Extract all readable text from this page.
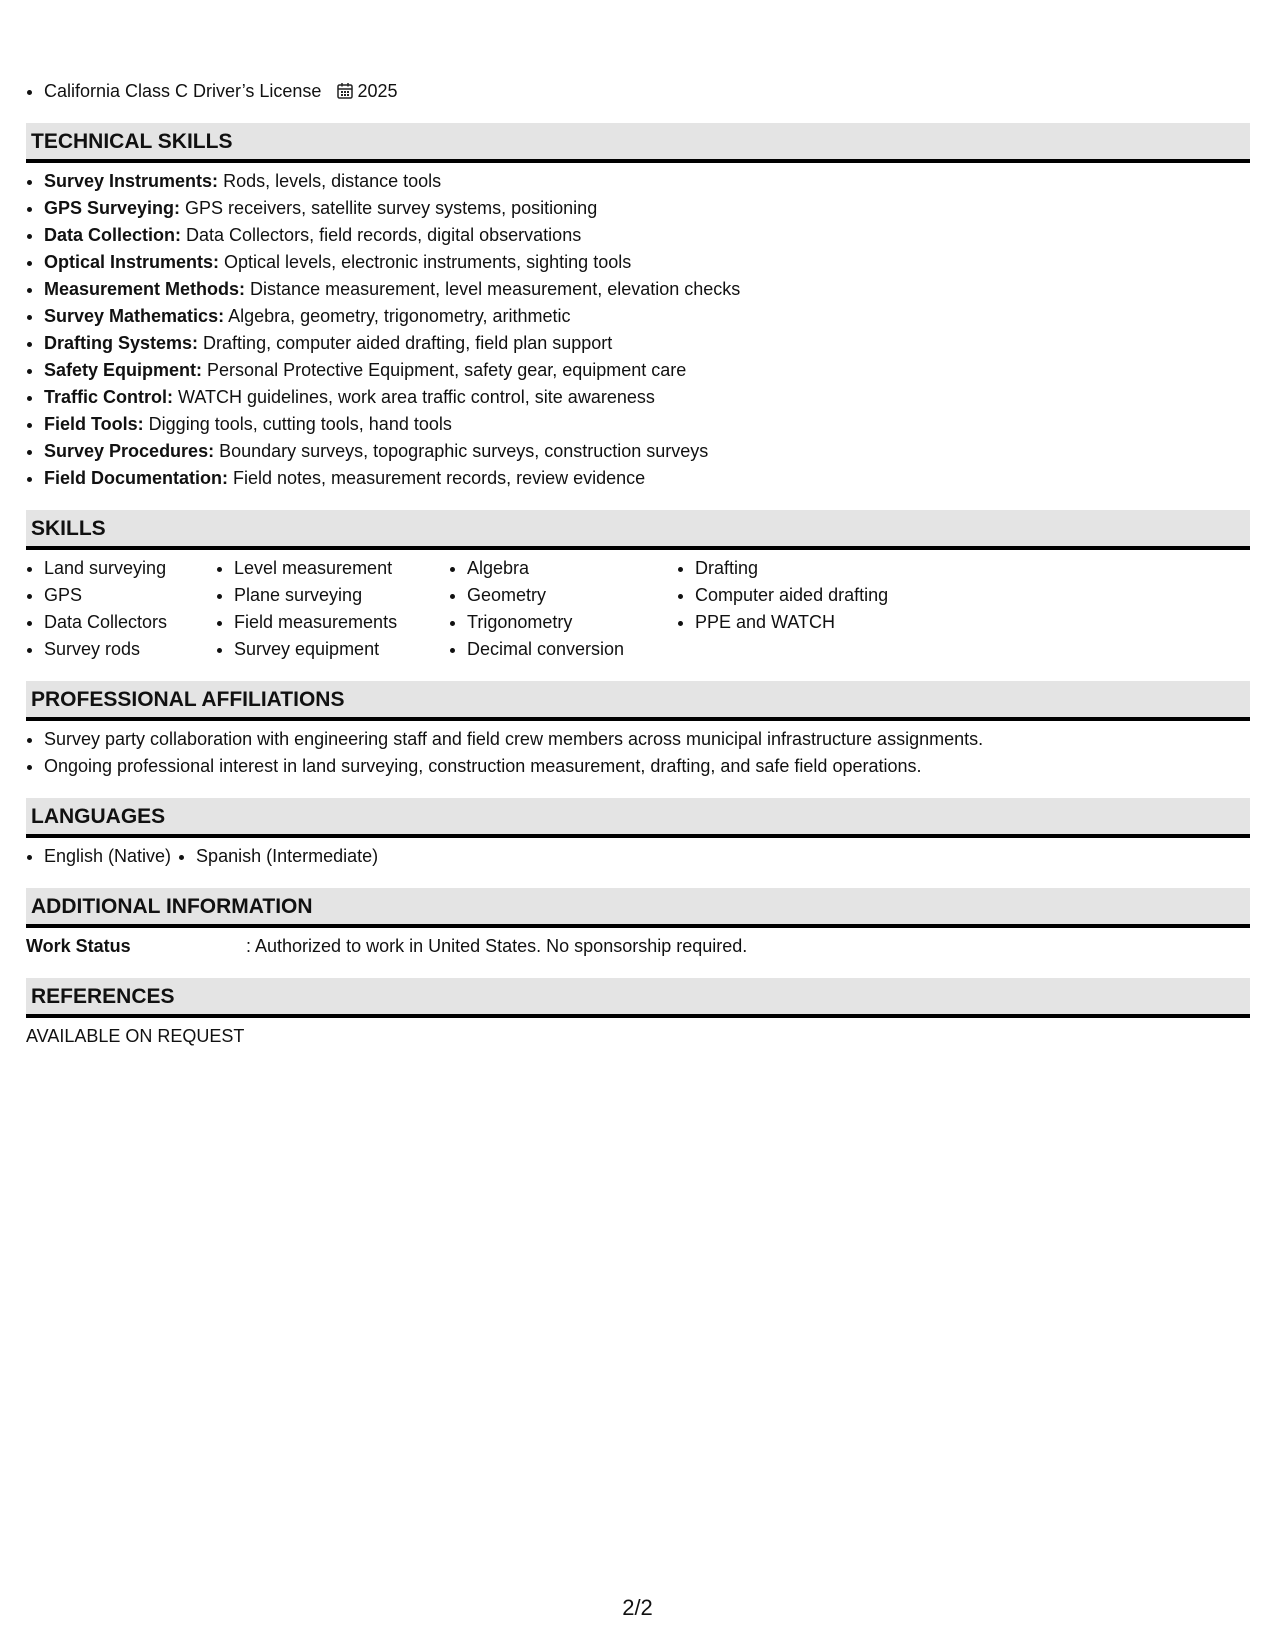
• California Class C Driver’s License 2025
TECHNICAL SKILLS
• Survey Instruments: Rods, levels, distance tools
• GPS Surveying: GPS receivers, satellite survey systems, positioning
• Data Collection: Data Collectors, field records, digital observations
• Optical Instruments: Optical levels, electronic instruments, sighting tools
• Measurement Methods: Distance measurement, level measurement, elevation checks
• Survey Mathematics: Algebra, geometry, trigonometry, arithmetic
• Drafting Systems: Drafting, computer aided drafting, field plan support
• Safety Equipment: Personal Protective Equipment, safety gear, equipment care
• Traffic Control: WATCH guidelines, work area traffic control, site awareness
• Field Tools: Digging tools, cutting tools, hand tools
• Survey Procedures: Boundary surveys, topographic surveys, construction surveys
• Field Documentation: Field notes, measurement records, review evidence
SKILLS
• Land surveying
• GPS
• Data Collectors
• Survey rods
• Level measurement
• Plane surveying
• Field measurements
• Survey equipment
• Algebra
• Geometry
• Trigonometry
• Decimal conversion
• Drafting
• Computer aided drafting
• PPE and WATCH
PROFESSIONAL AFFILIATIONS
• Survey party collaboration with engineering staff and field crew members across municipal infrastructure assignments.
• Ongoing professional interest in land surveying, construction measurement, drafting, and safe field operations.
LANGUAGES
• English (Native)
• Spanish (Intermediate)
ADDITIONAL INFORMATION
Work Status	: Authorized to work in United States. No sponsorship required.
REFERENCES
AVAILABLE ON REQUEST
2/2
